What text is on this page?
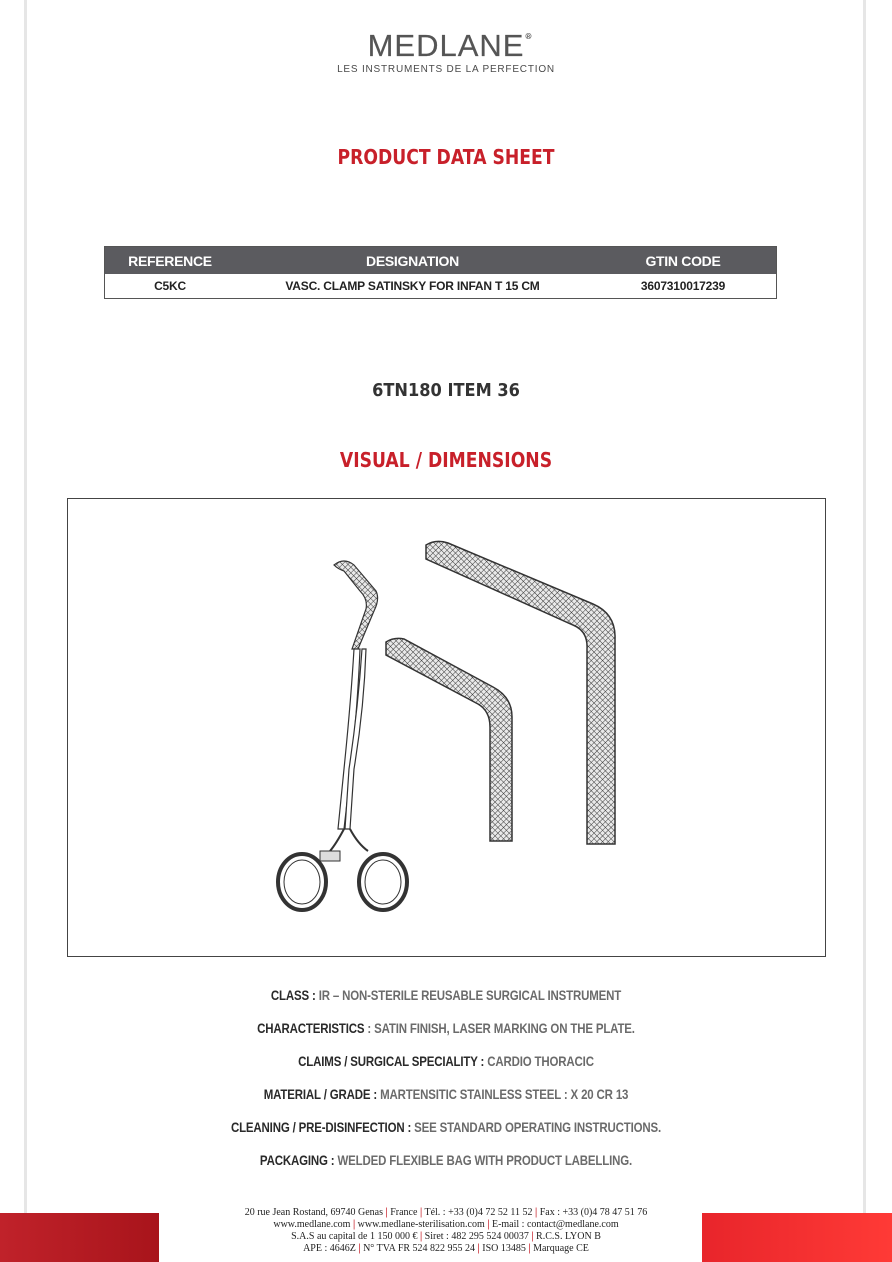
MEDLANE ®
LES INSTRUMENTS DE LA PERFECTION
PRODUCT DATA SHEET
REFERENCE	DESIGNATION	GTIN CODE
C5KC	VASC. CLAMP SATINSKY FOR INFAN T 15 CM	3607310017239
6TN180 ITEM 36
VISUAL / DIMENSIONS
CLASS : IR – NON-STERILE REUSABLE SURGICAL INSTRUMENT
CHARACTERISTICS : SATIN FINISH, LASER MARKING ON THE PLATE.
CLAIMS / SURGICAL SPECIALITY : CARDIO THORACIC
MATERIAL / GRADE : MARTENSITIC STAINLESS STEEL : X 20 CR 13
CLEANING / PRE-DISINFECTION : SEE STANDARD OPERATING INSTRUCTIONS.
PACKAGING : WELDED FLEXIBLE BAG WITH PRODUCT LABELLING.
20 rue Jean Rostand, 69740 Genas | France | Tél. : +33 (0)4 72 52 11 52 | Fax : +33 (0)4 78 47 51 76
www.medlane.com | www.medlane-sterilisation.com | E-mail : contact@medlane.com
S.A.S au capital de 1 150 000 € | Siret : 482 295 524 00037 | R.C.S. LYON B
APE : 4646Z | N° TVA FR 524 822 955 24 | ISO 13485 | Marquage CE
